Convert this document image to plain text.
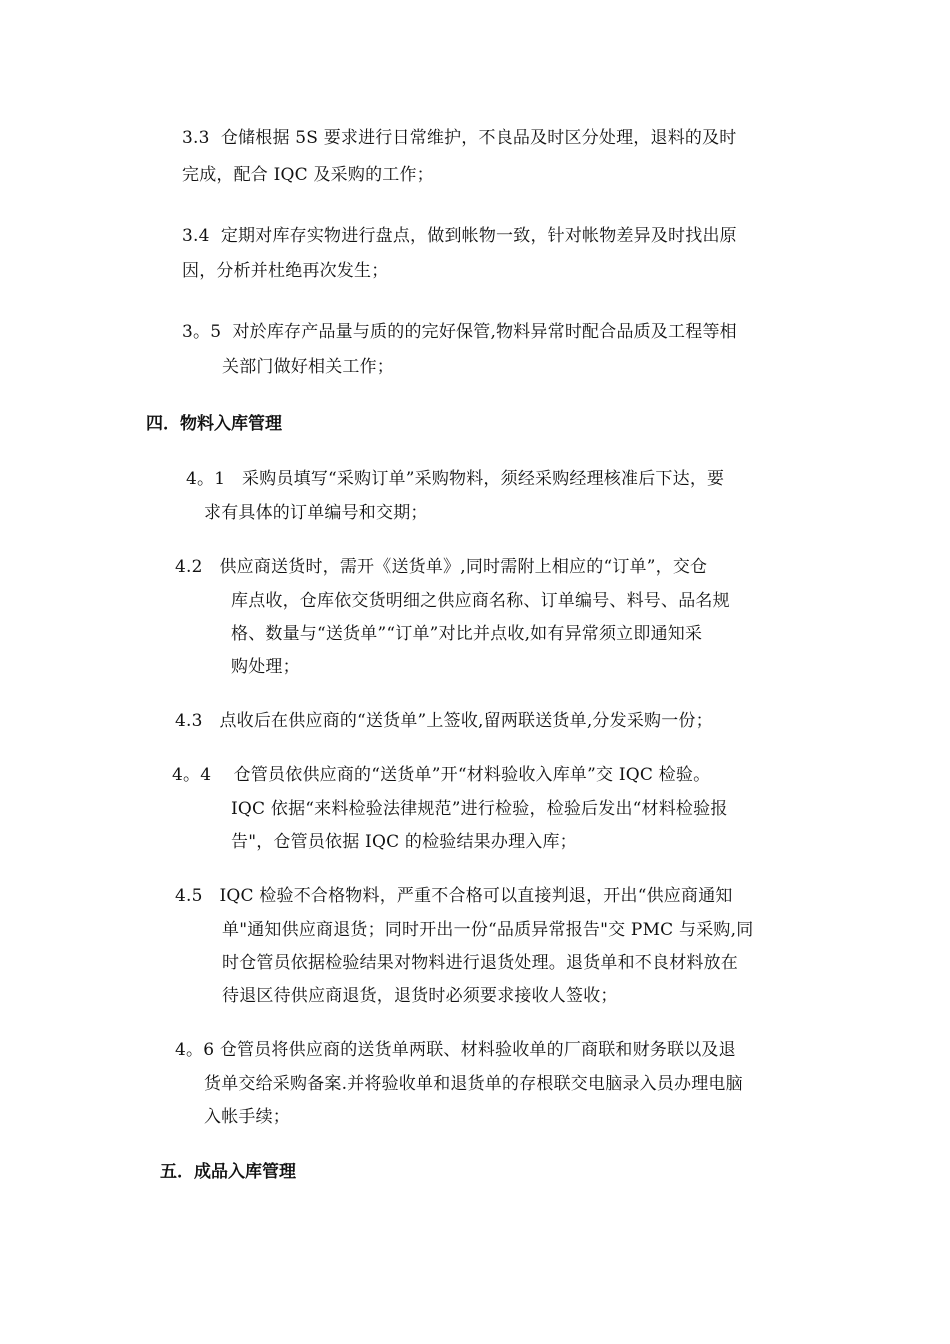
3.3  仓储根据 5S 要求进行日常维护，不良品及时区分处理，退料的及时
完成，配合 IQC 及采购的工作；
3.4  定期对库存实物进行盘点，做到帐物一致，针对帐物差异及时找出原
因，分析并杜绝再次发生；
3。5  对於库存产品量与质的的完好保管,物料异常时配合品质及工程等相
关部门做好相关工作；
四．物料入库管理
4。1   采购员填写“采购订单”采购物料，须经采购经理核准后下达，要
求有具体的订单编号和交期；
4.2   供应商送货时，需开《送货单》,同时需附上相应的“订单”，交仓
库点收，仓库依交货明细之供应商名称、订单编号、料号、品名规
格、数量与“送货单”“订单”对比并点收,如有异常须立即通知采
购处理；
4.3   点收后在供应商的“送货单”上签收,留两联送货单,分发采购一份；
4。4    仓管员依供应商的“送货单”开“材料验收入库单”交 IQC 检验。
IQC 依据“来料检验法律规范”进行检验，检验后发出“材料检验报
告"，仓管员依据 IQC 的检验结果办理入库；
4.5   IQC 检验不合格物料，严重不合格可以直接判退，开出“供应商通知
单"通知供应商退货；同时开出一份“品质异常报告"交 PMC 与采购,同
时仓管员依据检验结果对物料进行退货处理。退货单和不良材料放在
待退区待供应商退货，退货时必须要求接收人签收；
4。6 仓管员将供应商的送货单两联、材料验收单的厂商联和财务联以及退
货单交给采购备案.并将验收单和退货单的存根联交电脑录入员办理电脑
入帐手续；
五．成品入库管理
